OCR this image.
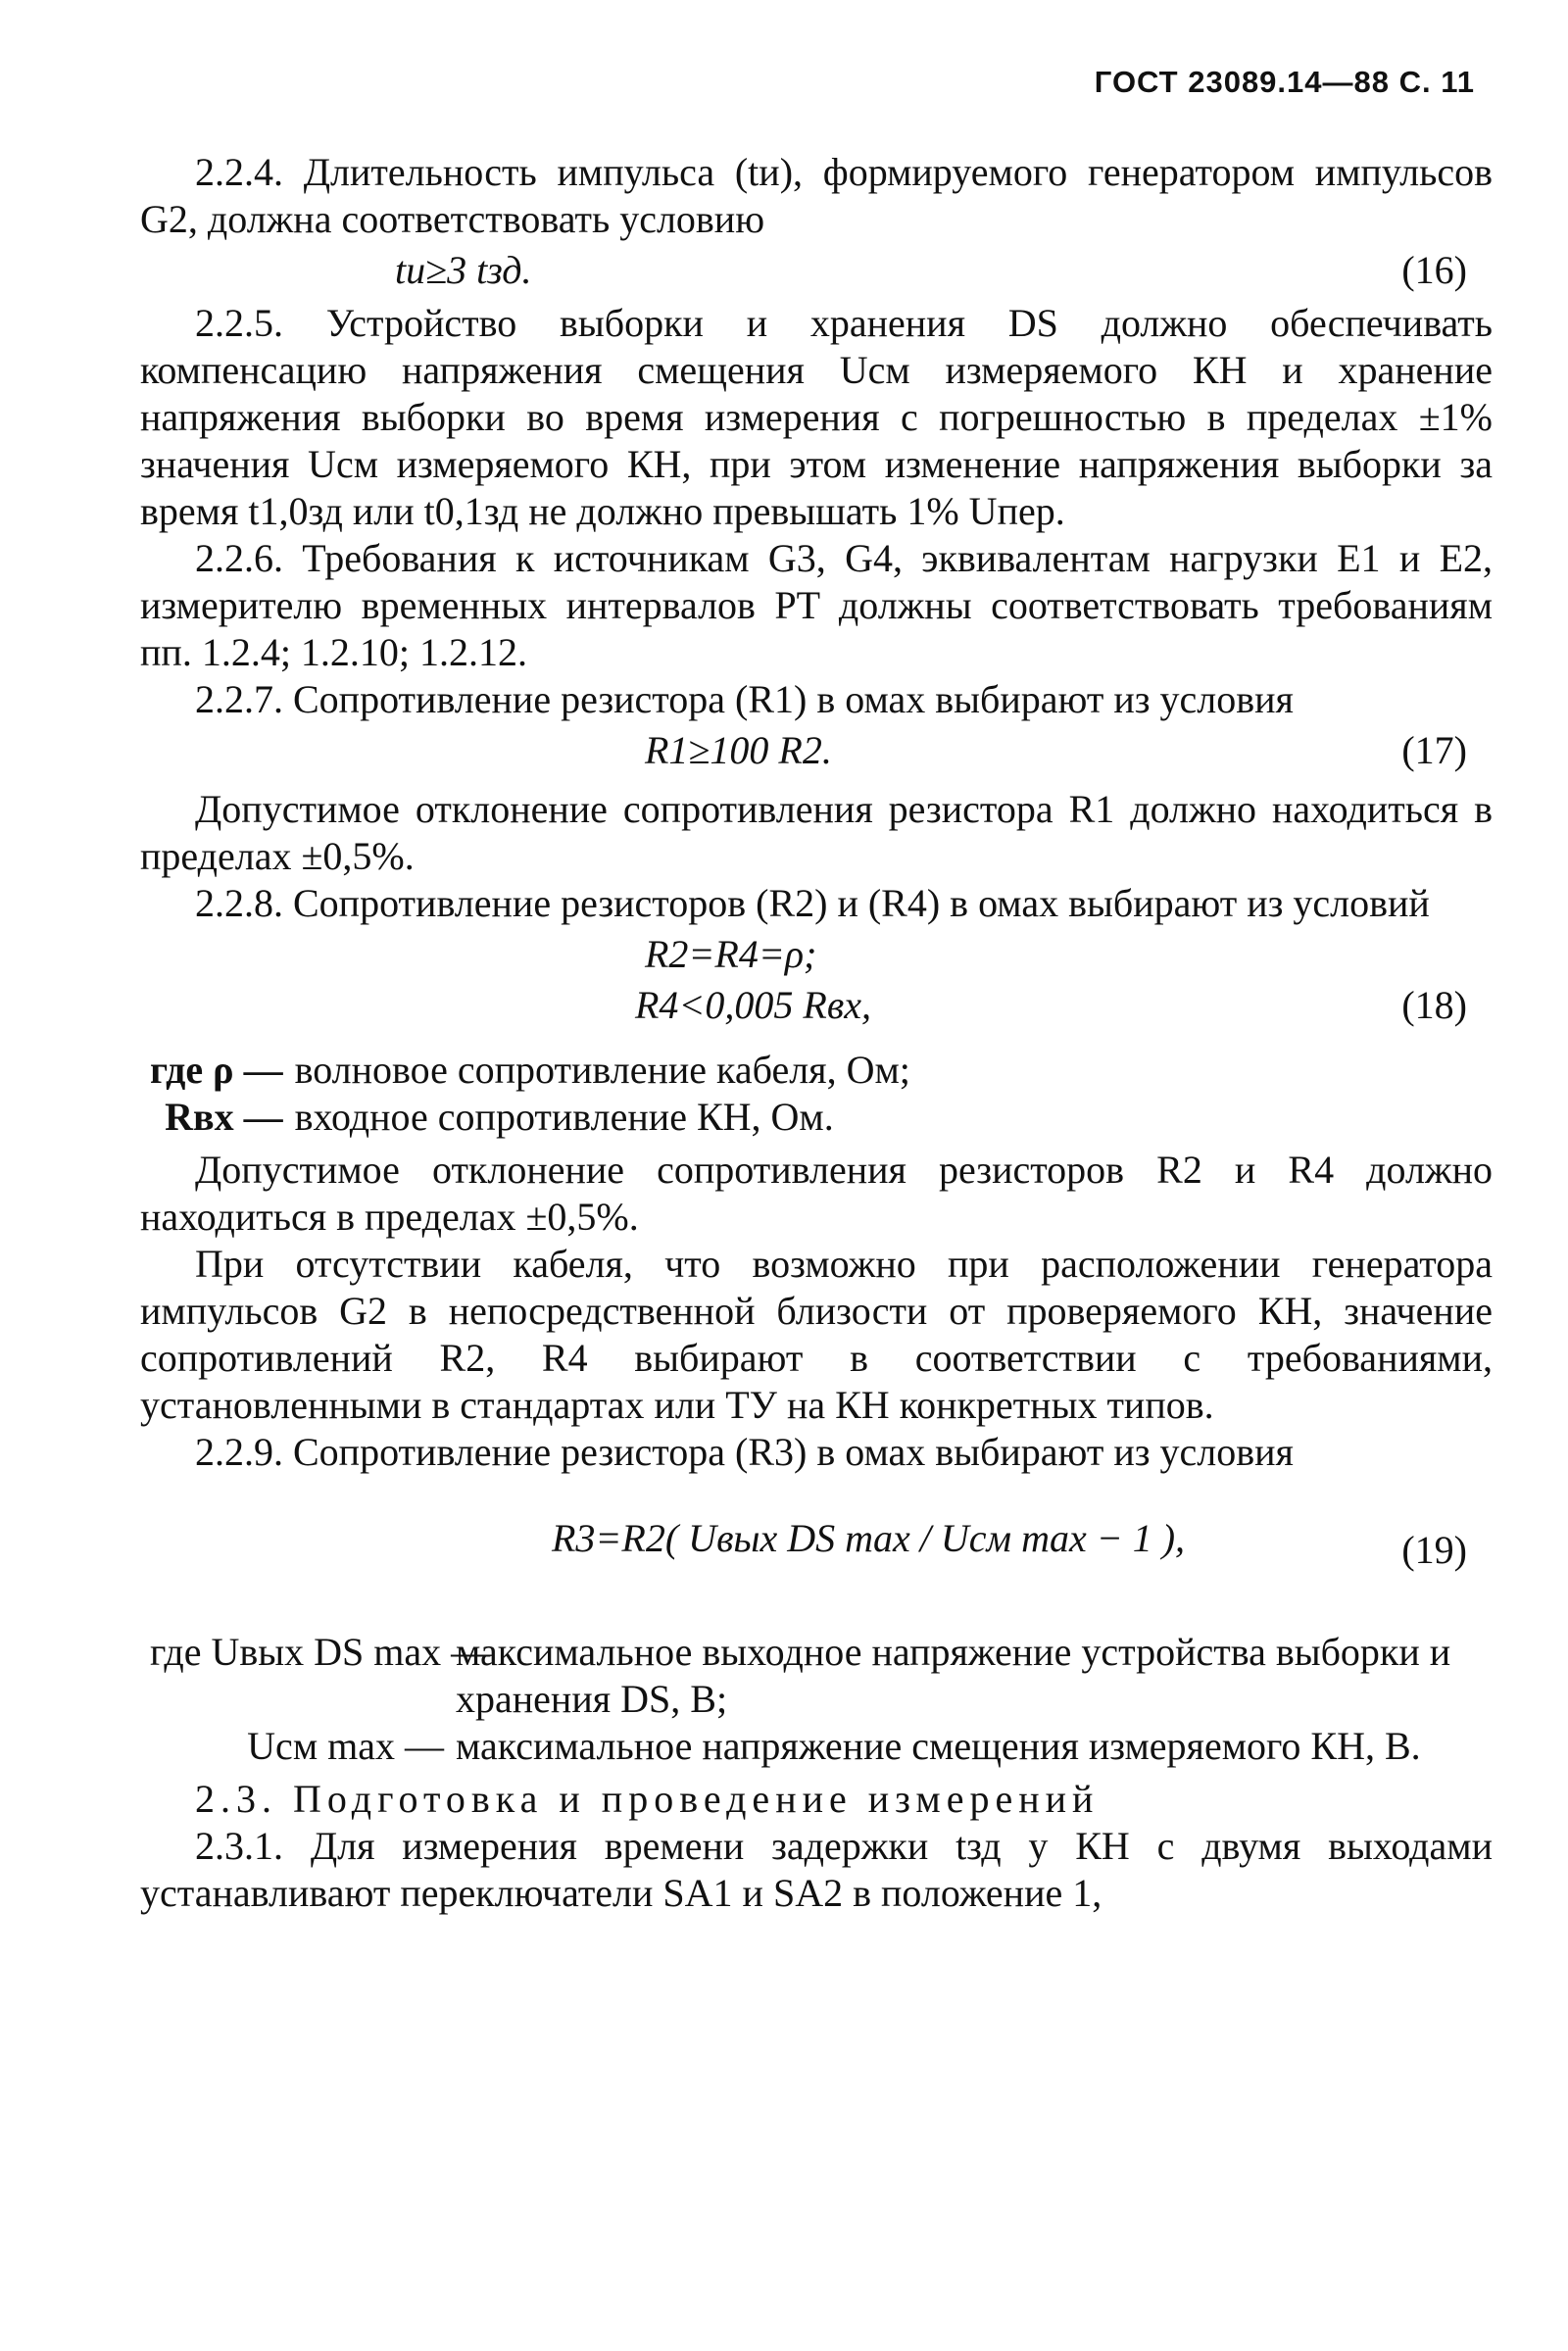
ГОСТ 23089.14—88 С. 11

2.2.4. Длительность импульса (tи), формируемого генератором импульсов G2, должна соответствовать условию

tи≥3 tзд.	(16)

2.2.5. Устройство выборки и хранения DS должно обеспечивать компенсацию напряжения смещения Uсм измеряемого КН и хранение напряжения выборки во время измерения с погрешностью в пределах ±1% значения Uсм измеряемого КН, при этом изменение напряжения выборки за время t1,0зд или t0,1зд не должно превышать 1% Uпер.

2.2.6. Требования к источникам G3, G4, эквивалентам нагрузки E1 и E2, измерителю временных интервалов PT должны соответствовать требованиям пп. 1.2.4; 1.2.10; 1.2.12.

2.2.7. Сопротивление резистора (R1) в омах выбирают из условия

R1≥100 R2.	(17)

Допустимое отклонение сопротивления резистора R1 должно находиться в пределах ±0,5%.

2.2.8. Сопротивление резисторов (R2) и (R4) в омах выбирают из условий

R2=R4=ρ;
R4<0,005 Rвх,	(18)
где ρ — волновое сопротивление кабеля, Ом;
Rвх — входное сопротивление КН, Ом.

Допустимое отклонение сопротивления резисторов R2 и R4 должно находиться в пределах ±0,5%.

При отсутствии кабеля, что возможно при расположении генератора импульсов G2 в непосредственной близости от проверяемого КН, значение сопротивлений R2, R4 выбирают в соответствии с требованиями, установленными в стандартах или ТУ на КН конкретных типов.

2.2.9. Сопротивление резистора (R3) в омах выбирают из условия

R3=R2( Uвых DS max / Uсм max − 1 ),	(19)
где Uвых DS max —
максимальное выходное напряжение устройства выборки и хранения DS, В;
Uсм max — максимальное напряжение смещения измеряемого КН, В.

2.3. Подготовка и проведение измерений

2.3.1. Для измерения времени задержки tзд у КН с двумя выходами устанавливают переключатели SA1 и SA2 в положение 1,
